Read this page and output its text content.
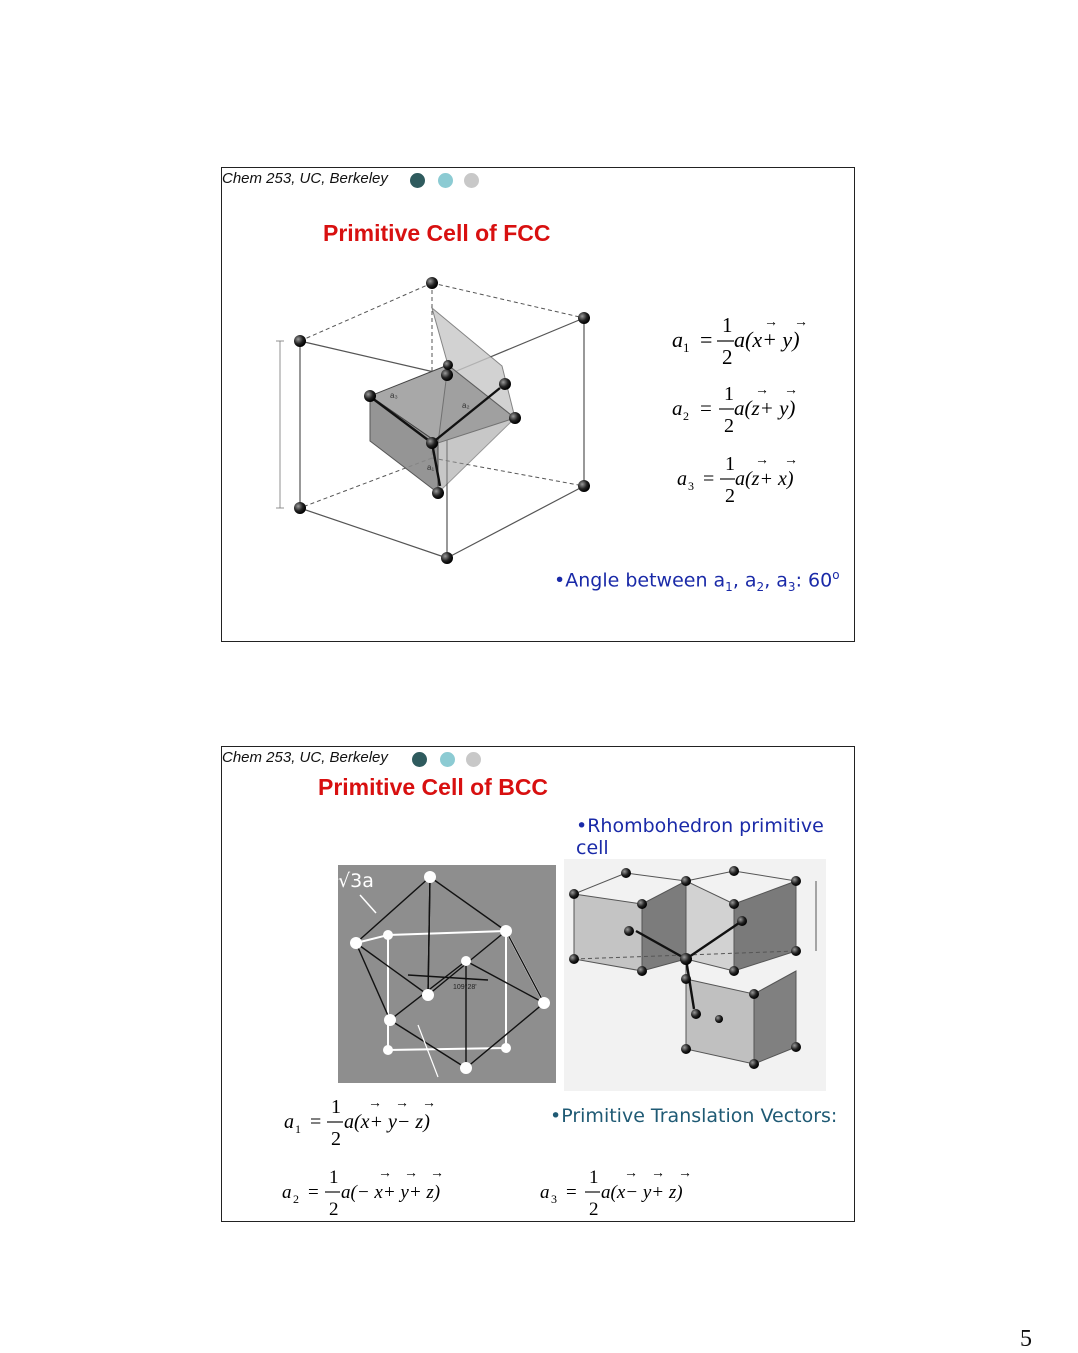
Chem 253, UC, Berkeley
Primitive Cell of FCC
a₃
a₂
a₁
a 1 =
1
2
a(x+ y)
→ →
a 2 =
1
2
a(z+ y)
→ →
a 3 =
1
2
a(z+ x)
→ →
•Angle between $a_1$, $a_2$, $a_3$: 60$^o$
Chem 253, UC, Berkeley
Primitive Cell of BCC
•Rhombohedron primitive cell
√3a
109°28'
a 1 =
1
2
a(x+ y− z)
→ → →
•Primitive Translation Vectors:
a 2 =
1
2
a(− x+ y+ z)
→ → →
a 3 =
1
2
a(x− y+ z)
→ → →
5
